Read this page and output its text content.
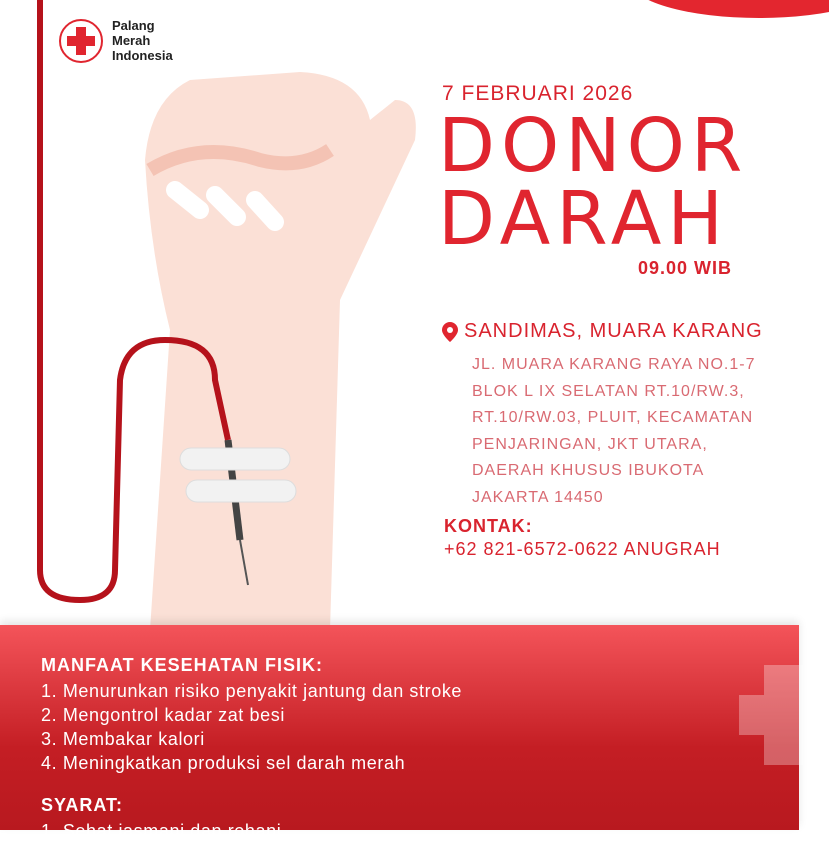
Palang
Merah
Indonesia
7 FEBRUARI 2026
DONOR
DARAH
09.00 WIB
SANDIMAS, MUARA KARANG
JL. MUARA KARANG RAYA NO.1-7
BLOK L IX SELATAN RT.10/RW.3,
RT.10/RW.03, PLUIT, KECAMATAN
PENJARINGAN, JKT UTARA,
DAERAH KHUSUS IBUKOTA
JAKARTA 14450
KONTAK:
+62 821-6572-0622 ANUGRAH
MANFAAT KESEHATAN FISIK:
1. Menurunkan risiko penyakit jantung dan stroke
2. Mengontrol kadar zat besi
3. Membakar kalori
4. Meningkatkan produksi sel darah merah
SYARAT:
1. Sehat jasmani dan rohani
